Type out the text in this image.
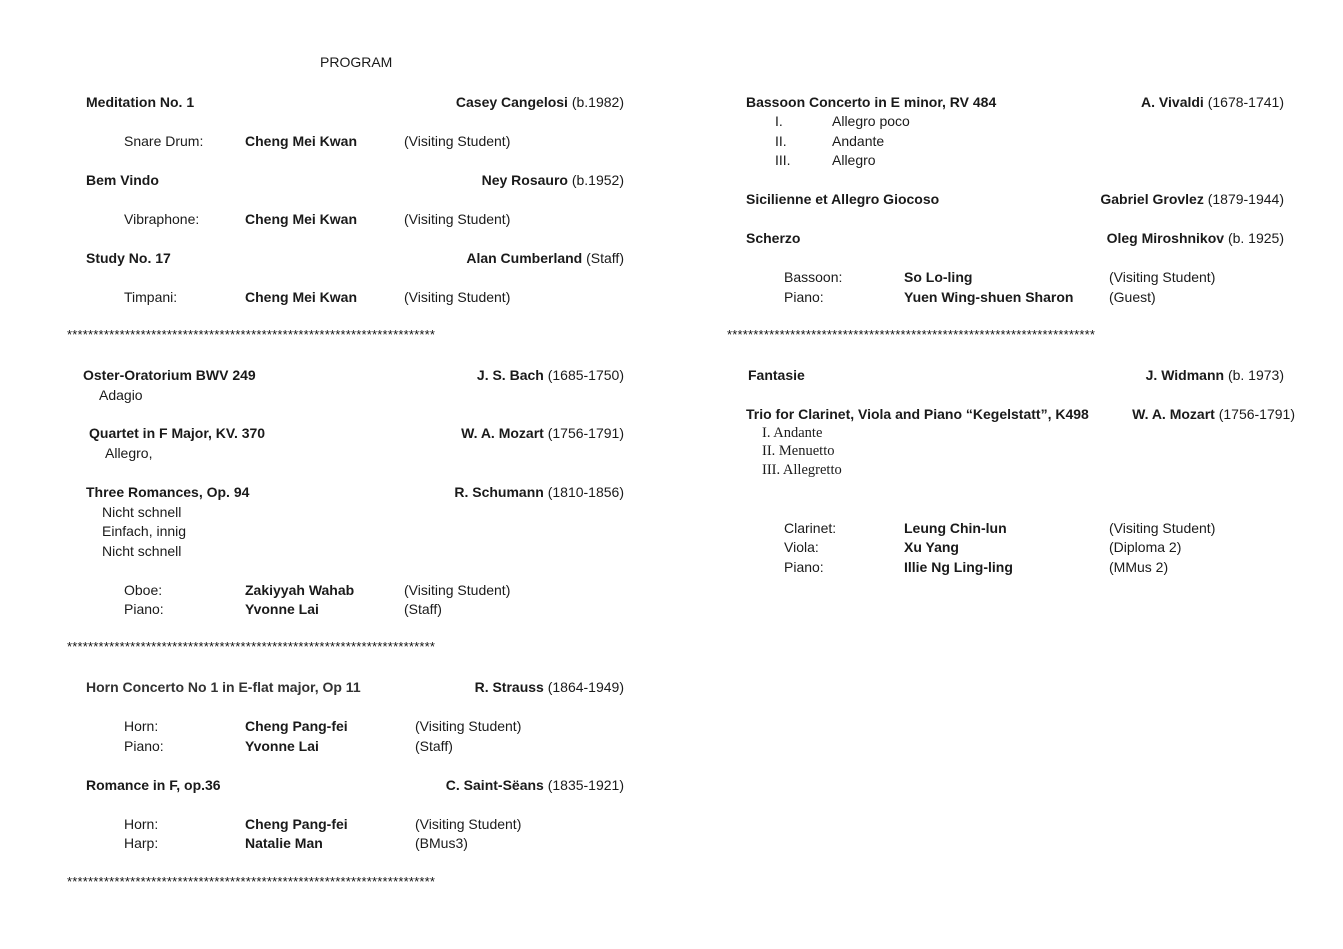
PROGRAM
Meditation No. 1	Casey Cangelosi (b.1982)
Snare Drum:	Cheng Mei Kwan	(Visiting Student)
Bem Vindo	Ney Rosauro (b.1952)
Vibraphone:	Cheng Mei Kwan	(Visiting Student)
Study No. 17	Alan Cumberland (Staff)
Timpani:	Cheng Mei Kwan	(Visiting Student)
**********************************************************************
Oster-Oratorium BWV 249	J. S. Bach (1685-1750)
Adagio
Quartet in F Major, KV. 370	W. A. Mozart (1756-1791)
Allegro,
Three Romances, Op. 94	R. Schumann (1810-1856)
Nicht schnell
Einfach, innig
Nicht schnell
Oboe:	Zakiyyah Wahab	(Visiting Student)
Piano:	Yvonne Lai	(Staff)
**********************************************************************
Horn Concerto No 1 in E-flat major, Op 11	R. Strauss (1864-1949)
Horn:	Cheng Pang-fei	(Visiting Student)
Piano:	Yvonne Lai	(Staff)
Romance in F, op.36	C. Saint-Sëans (1835-1921)
Horn:	Cheng Pang-fei	(Visiting Student)
Harp:	Natalie Man	(BMus3)
**********************************************************************
Bassoon Concerto in E minor, RV 484	A. Vivaldi (1678-1741)
I.	Allegro poco
II.	Andante
III.	Allegro
Sicilienne et Allegro Giocoso	Gabriel Grovlez (1879-1944)
Scherzo	Oleg Miroshnikov (b. 1925)
Bassoon:	So Lo-ling	(Visiting Student)
Piano:	Yuen Wing-shuen Sharon	(Guest)
**********************************************************************
Fantasie	J. Widmann (b. 1973)
Trio for Clarinet, Viola and Piano “Kegelstatt”, K498	W. A. Mozart (1756-1791)
I. Andante
II. Menuetto
III. Allegretto
Clarinet:	Leung Chin-lun	(Visiting Student)
Viola:	Xu Yang	(Diploma 2)
Piano:	Illie Ng Ling-ling	(MMus 2)
